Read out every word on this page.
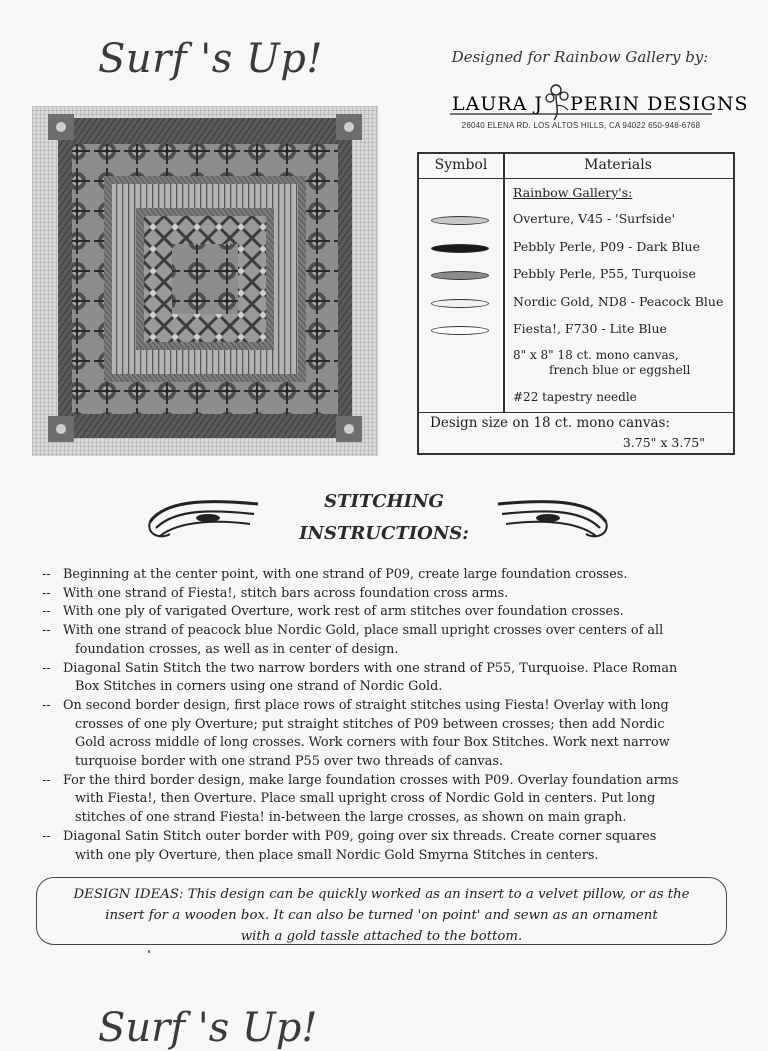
Surf 's Up!	Designed for Rainbow Gallery by:
LAURA J PERIN DESIGNS
26040 ELENA RD. LOS ALTOS HILLS, CA 94022 650-948-6768
Symbol	Materials
Rainbow Gallery's:
Overture, V45 - 'Surfside'
Pebbly Perle, P09 - Dark Blue
Pebbly Perle, P55, Turquoise
Nordic Gold, ND8 - Peacock Blue
Fiesta!, F730 - Lite Blue
8" x 8" 18 ct. mono canvas,
french blue or eggshell
#22 tapestry needle
Design size on 18 ct. mono canvas:
3.75" x 3.75"
STITCHING
INSTRUCTIONS:
-- Beginning at the center point, with one strand of P09, create large foundation crosses.
-- With one strand of Fiesta!, stitch bars across foundation cross arms.
-- With one ply of varigated Overture, work rest of arm stitches over foundation crosses.
-- With one strand of peacock blue Nordic Gold, place small upright crosses over centers of all
foundation crosses, as well as in center of design.
-- Diagonal Satin Stitch the two narrow borders with one strand of P55, Turquoise. Place Roman
Box Stitches in corners using one strand of Nordic Gold.
-- On second border design, first place rows of straight stitches using Fiesta! Overlay with long
crosses of one ply Overture; put straight stitches of P09 between crosses; then add Nordic
Gold across middle of long crosses. Work corners with four Box Stitches. Work next narrow
turquoise border with one strand P55 over two threads of canvas.
-- For the third border design, make large foundation crosses with P09. Overlay foundation arms
with Fiesta!, then Overture. Place small upright cross of Nordic Gold in centers. Put long
stitches of one strand Fiesta! in-between the large crosses, as shown on main graph.
-- Diagonal Satin Stitch outer border with P09, going over six threads. Create corner squares
with one ply Overture, then place small Nordic Gold Smyrna Stitches in centers.
DESIGN IDEAS: This design can be quickly worked as an insert to a velvet pillow, or as the
insert for a wooden box. It can also be turned 'on point' and sewn as an ornament
with a gold tassle attached to the bottom.
Surf 's Up!
